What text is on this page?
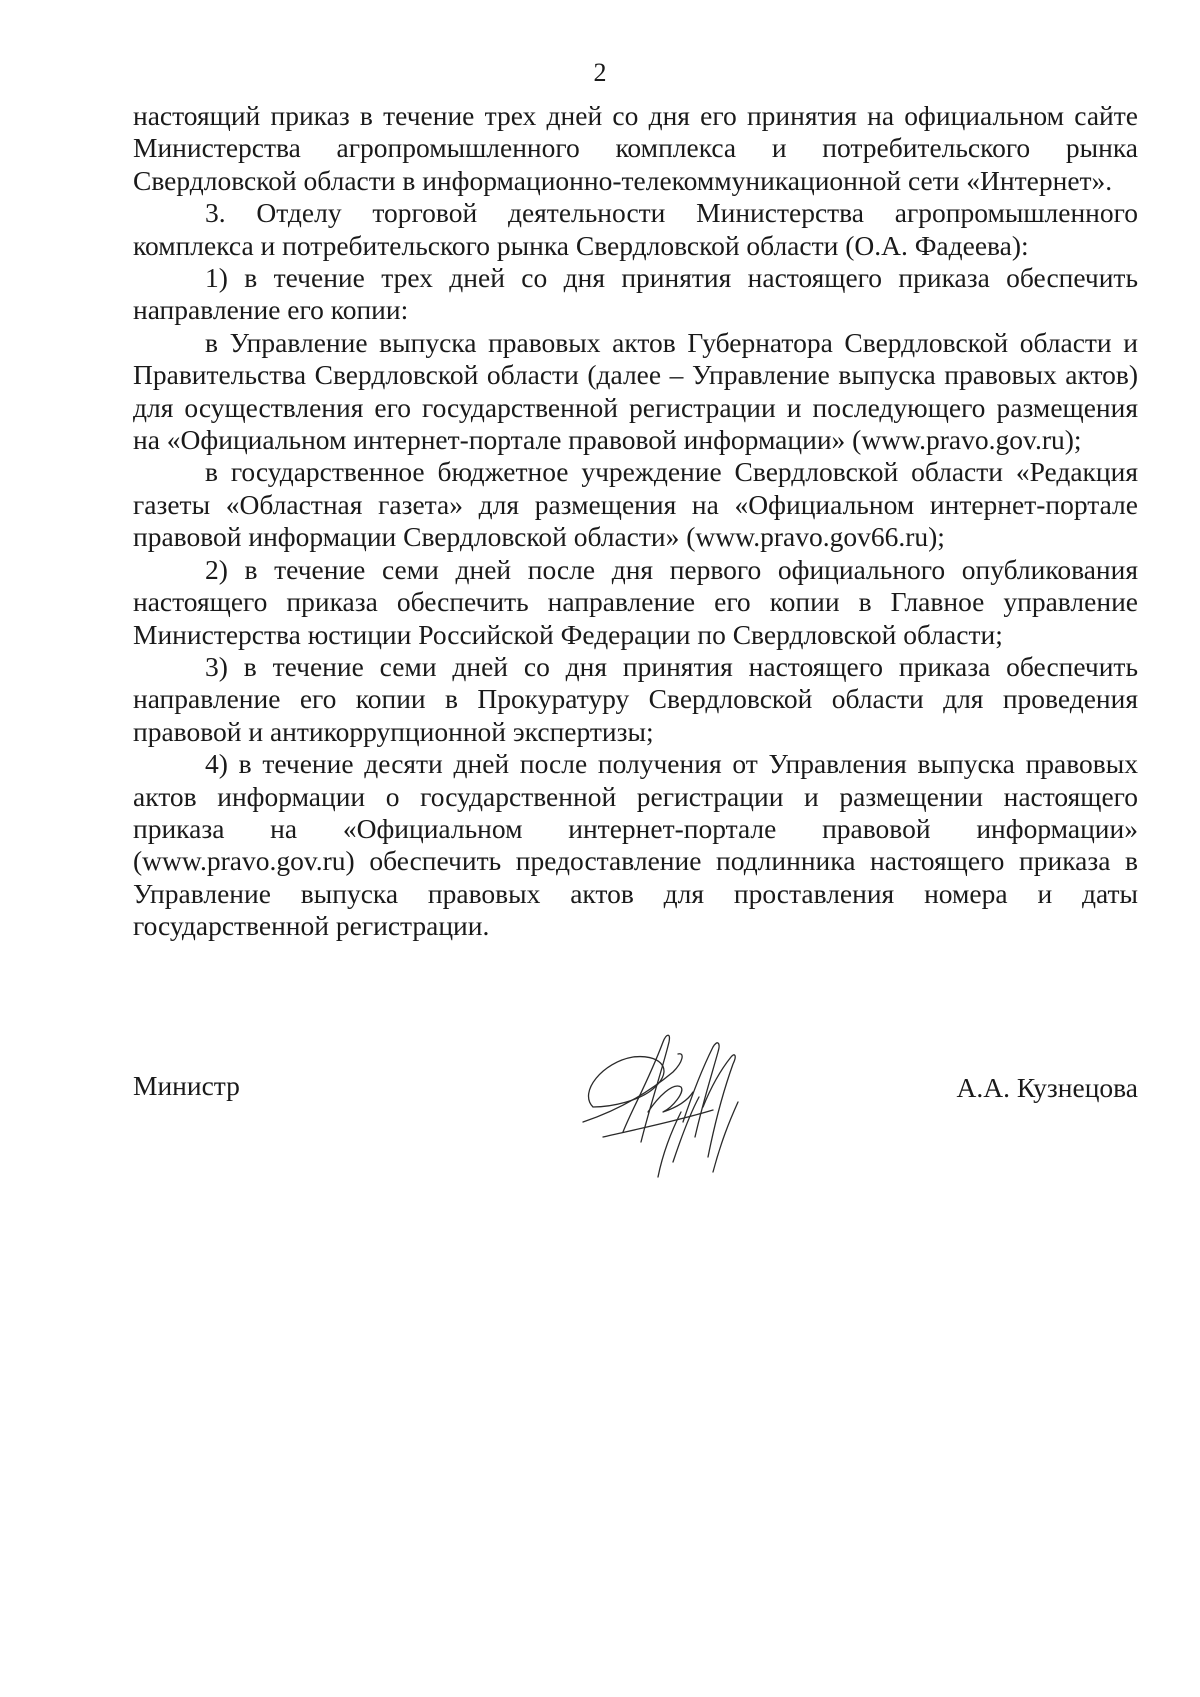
2

настоящий приказ в течение трех дней со дня его принятия на официальном сайте Министерства агропромышленного комплекса и потребительского рынка Свердловской области в информационно-телекоммуникационной сети «Интернет».

3. Отделу торговой деятельности Министерства агропромышленного комплекса и потребительского рынка Свердловской области (О.А. Фадеева):

1) в течение трех дней со дня принятия настоящего приказа обеспечить направление его копии:

в Управление выпуска правовых актов Губернатора Свердловской области и Правительства Свердловской области (далее – Управление выпуска правовых актов) для осуществления его государственной регистрации и последующего размещения на «Официальном интернет-портале правовой информации» (www.pravo.gov.ru);

в государственное бюджетное учреждение Свердловской области «Редакция газеты «Областная газета» для размещения на «Официальном интернет-портале правовой информации Свердловской области» (www.pravo.gov66.ru);

2) в течение семи дней после дня первого официального опубликования настоящего приказа обеспечить направление его копии в Главное управление Министерства юстиции Российской Федерации по Свердловской области;

3) в течение семи дней со дня принятия настоящего приказа обеспечить направление его копии в Прокуратуру Свердловской области для проведения правовой и антикоррупционной экспертизы;

4) в течение десяти дней после получения от Управления выпуска правовых актов информации о государственной регистрации и размещении настоящего приказа на «Официальном интернет-портале правовой информации» (www.pravo.gov.ru) обеспечить предоставление подлинника настоящего приказа в Управление выпуска правовых актов для проставления номера и даты государственной регистрации.

Министр	А.А. Кузнецова
